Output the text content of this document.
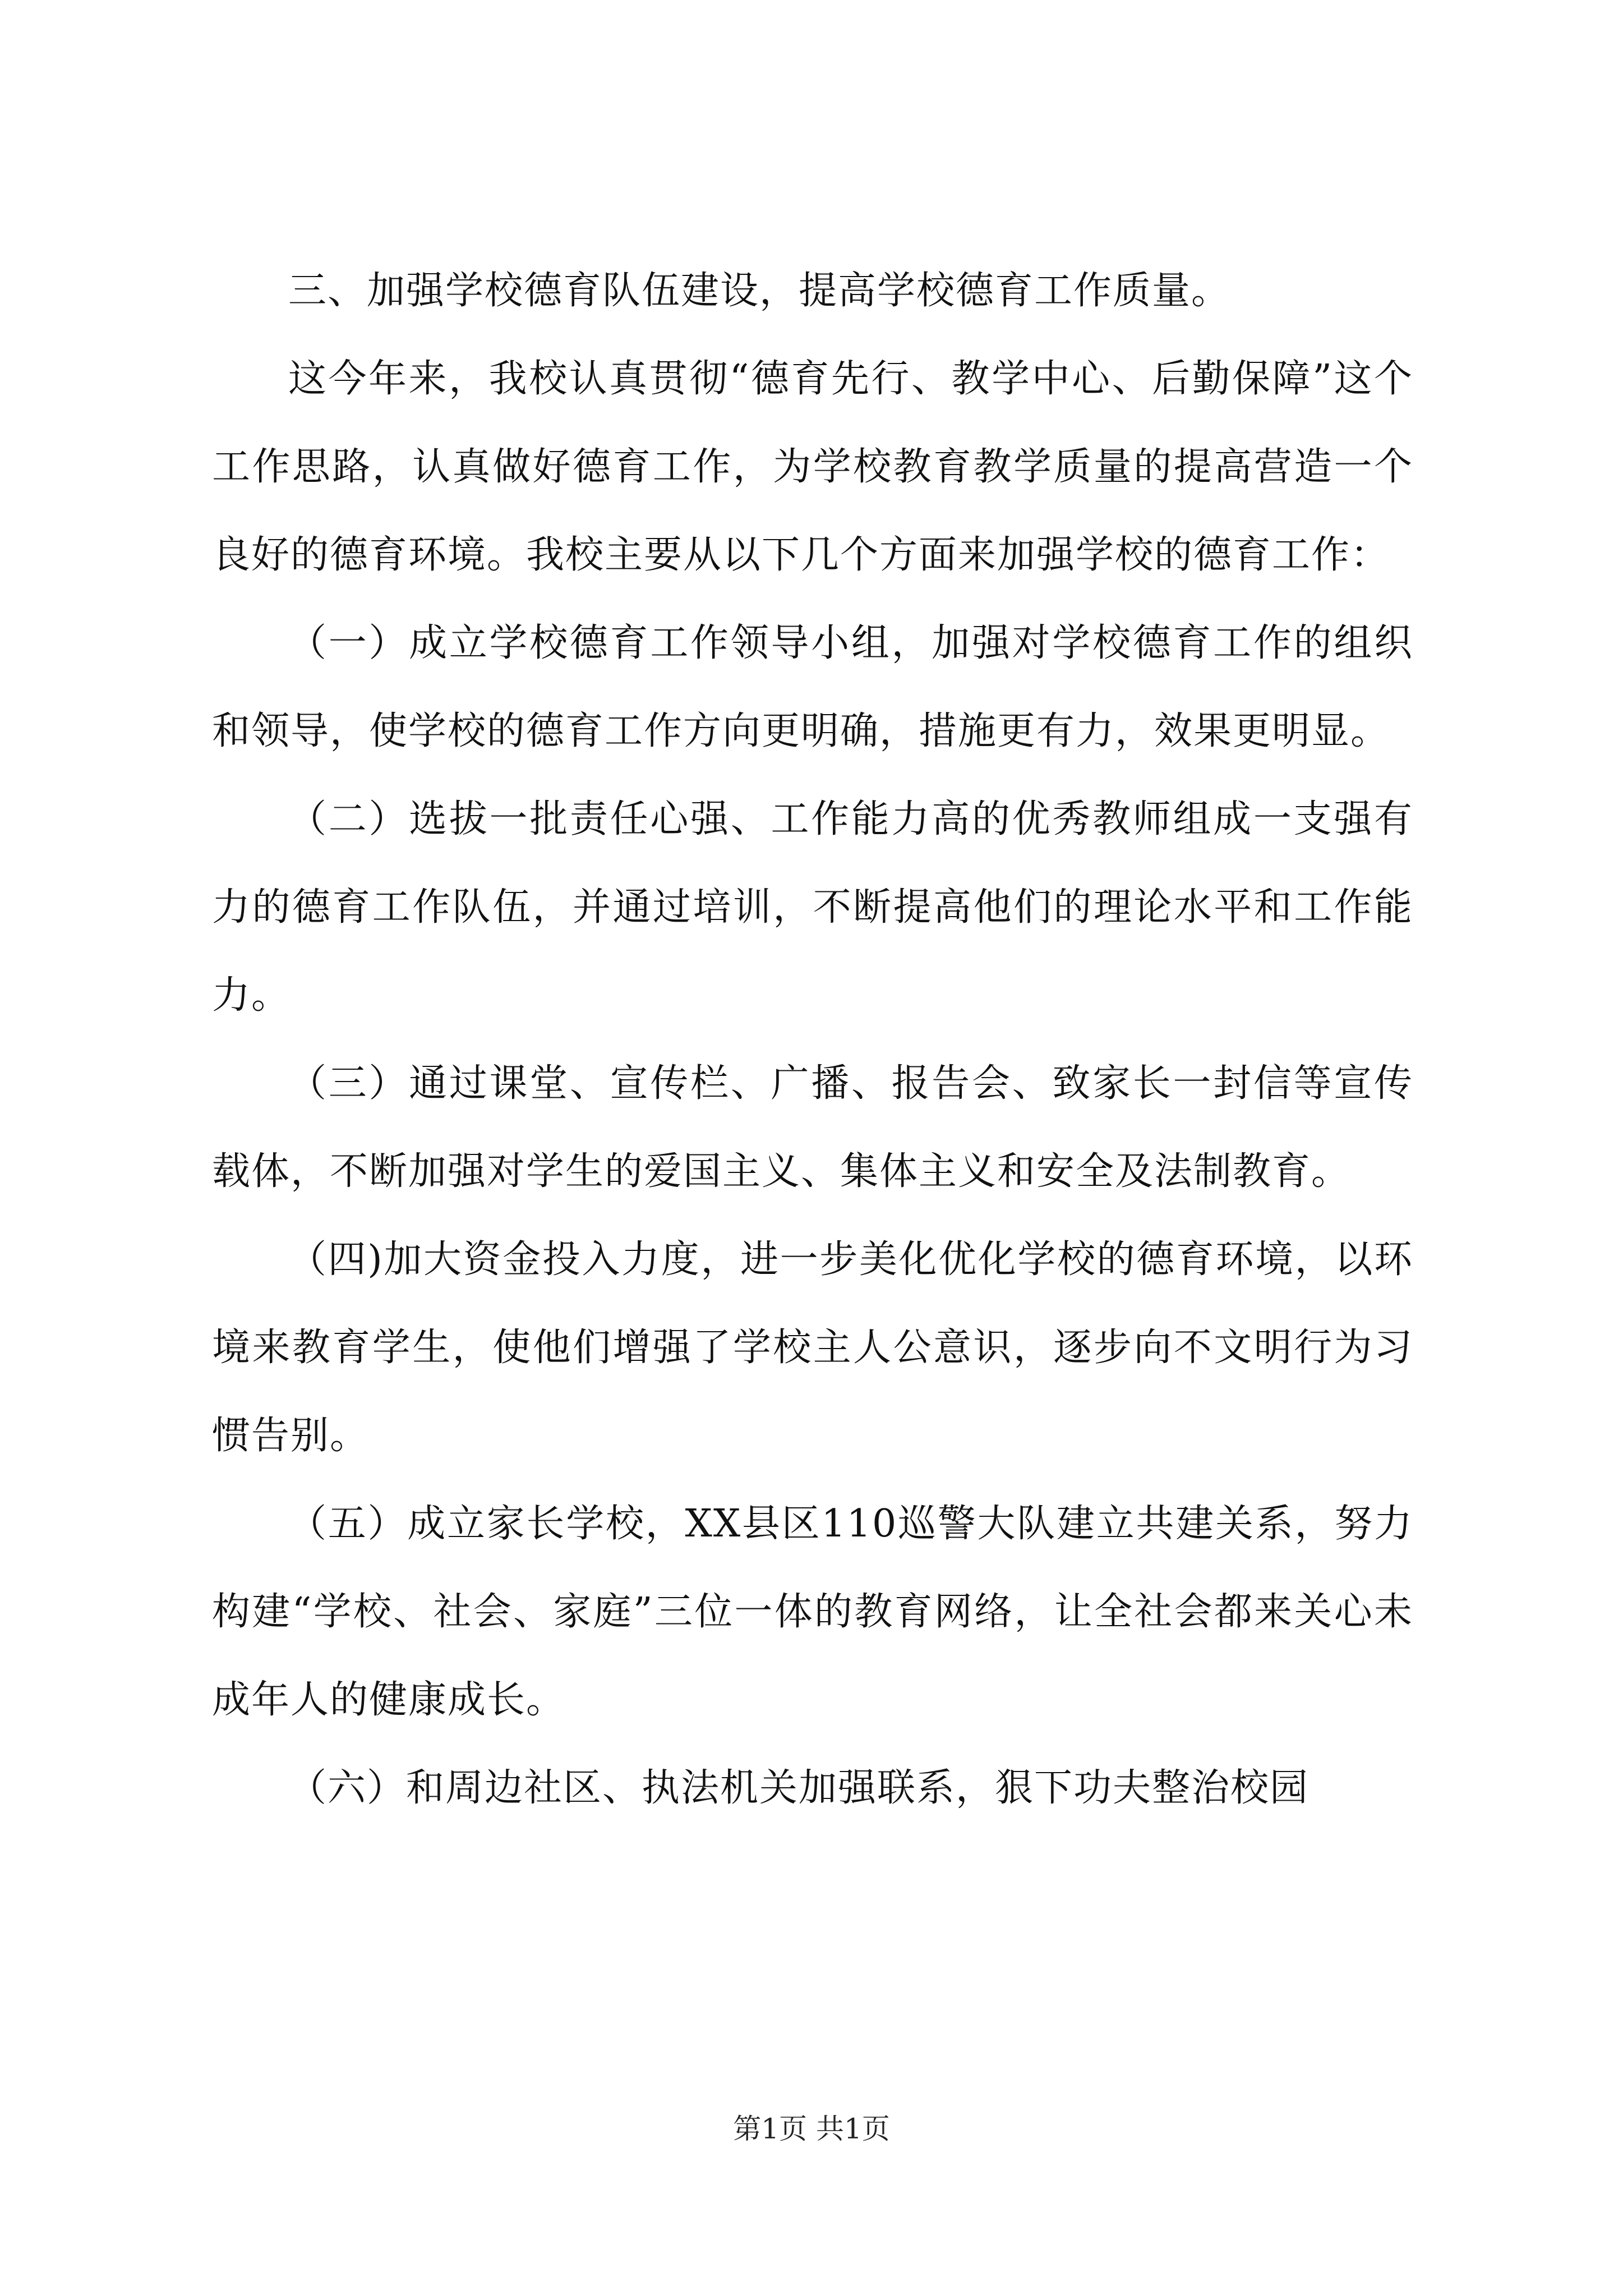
三、加强学校德育队伍建设，提高学校德育工作质量。

这今年来，我校认真贯彻“德育先行、教学中心、后勤保障”这个工作思路，认真做好德育工作，为学校教育教学质量的提高营造一个良好的德育环境。我校主要从以下几个方面来加强学校的德育工作：

（一）成立学校德育工作领导小组，加强对学校德育工作的组织和领导，使学校的德育工作方向更明确，措施更有力，效果更明显。

（二）选拔一批责任心强、工作能力高的优秀教师组成一支强有力的德育工作队伍，并通过培训，不断提高他们的理论水平和工作能力。

（三）通过课堂、宣传栏、广播、报告会、致家长一封信等宣传载体，不断加强对学生的爱国主义、集体主义和安全及法制教育。

（四)加大资金投入力度，进一步美化优化学校的德育环境，以环境来教育学生，使他们增强了学校主人公意识，逐步向不文明行为习惯告别。

（五）成立家长学校，XX县区110巡警大队建立共建关系，努力构建“学校、社会、家庭”三位一体的教育网络，让全社会都来关心未成年人的健康成长。

（六）和周边社区、执法机关加强联系，狠下功夫整治校园

第1页 共1页
